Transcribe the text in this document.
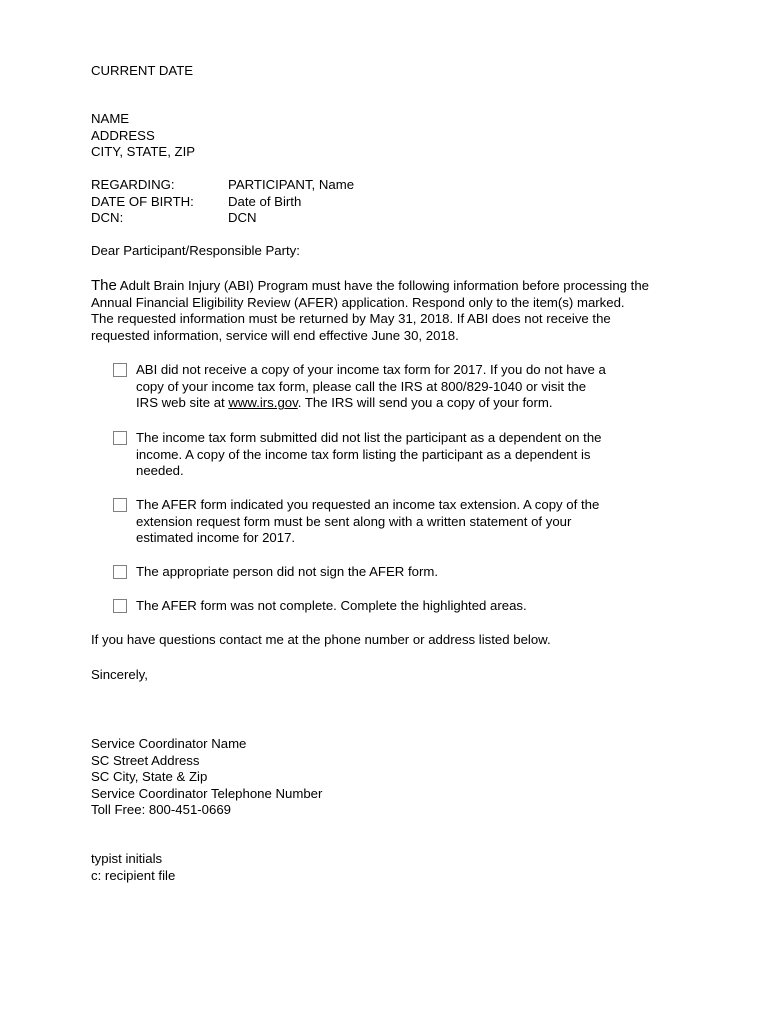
CURRENT DATE
NAME
ADDRESS
CITY, STATE, ZIP
REGARDING:	PARTICIPANT, Name
DATE OF BIRTH:	Date of Birth
DCN:	DCN
Dear Participant/Responsible Party:
The Adult Brain Injury (ABI) Program must have the following information before processing the
Annual Financial Eligibility Review (AFER) application. Respond only to the item(s) marked.
The requested information must be returned by May 31, 2018. If ABI does not receive the
requested information, service will end effective June 30, 2018.
ABI did not receive a copy of your income tax form for 2017. If you do not have a
copy of your income tax form, please call the IRS at 800/829-1040 or visit the
IRS web site at www.irs.gov. The IRS will send you a copy of your form.
The income tax form submitted did not list the participant as a dependent on the
income. A copy of the income tax form listing the participant as a dependent is
needed.
The AFER form indicated you requested an income tax extension. A copy of the
extension request form must be sent along with a written statement of your
estimated income for 2017.
The appropriate person did not sign the AFER form.
The AFER form was not complete. Complete the highlighted areas.
If you have questions contact me at the phone number or address listed below.
Sincerely,
Service Coordinator Name
SC Street Address
SC City, State & Zip
Service Coordinator Telephone Number
Toll Free: 800-451-0669
typist initials
c: recipient file
